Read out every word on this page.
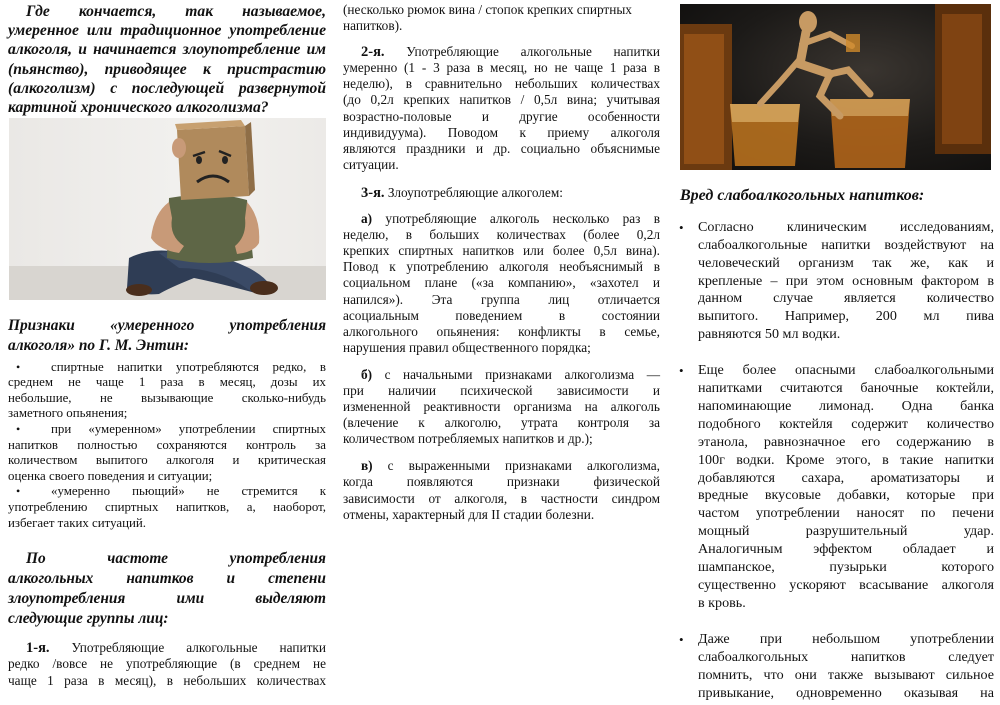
Где кончается, так называемое,
умеренное или традиционное употребление
алкоголя, и начинается злоупотребление им
(пьянство), приводящее к пристрастию
(алкоголизм) с последующей развернутой
картиной хронического алкоголизма?
Признаки «умеренного употребления
алкоголя» по Г. М. Энтин:
•	спиртные напитки употребляются редко, в
среднем не чаще 1 раза в месяц, дозы их
небольшие, не вызывающие сколько-нибудь
заметного опьянения;
•	при «умеренном» употреблении спиртных
напитков полностью сохраняются контроль за
количеством выпитого алкоголя и критическая
оценка своего поведения и ситуации;
•	«умеренно пьющий» не стремится к
употреблению спиртных напитков, а, наоборот,
избегает таких ситуаций.
По частоте употребления
алкогольных напитков и степени
злоупотребления ими выделяют
следующие группы лиц:
1-я. Употребляющие алкогольные напитки
редко /вовсе не употребляющие (в среднем не
чаще 1 раза в месяц), в небольших количествах
(несколько рюмок вина / стопок крепких спиртных
напитков).
2-я. Употребляющие алкогольные напитки
умеренно (1 - 3 раза в месяц, но не чаще 1 раза в
неделю), в сравнительно небольших количествах
(до 0,2л крепких напитков / 0,5л вина; учитывая
возрастно-половые и другие особенности
индивидуума). Поводом к приему алкоголя
являются праздники и др. социально объяснимые
ситуации.
3-я. Злоупотребляющие алкоголем:
а) употребляющие алкоголь несколько раз в
неделю, в больших количествах (более 0,2л
крепких спиртных напитков или более 0,5л вина).
Повод к употреблению алкоголя необъяснимый в
социальном плане («за компанию», «захотел и
напился»). Эта группа лиц отличается
асоциальным поведением в состоянии
алкогольного опьянения: конфликты в семье,
нарушения правил общественного порядка;
б) с начальными признаками алкоголизма —
при наличии психической зависимости и
измененной реактивности организма на алкоголь
(влечение к алкоголю, утрата контроля за
количеством потребляемых напитков и др.);
в) с выраженными признаками алкоголизма,
когда появляются признаки физической
зависимости от алкоголя, в частности синдром
отмены, характерный для II стадии болезни.
Вред слабоалкогольных напитков:
• Согласно клиническим исследованиям,
слабоалкогольные напитки воздействуют на
человеческий организм так же, как и
крепленые – при этом основным фактором в
данном случае является количество
выпитого. Например, 200 мл пива
равняются 50 мл водки.
• Еще более опасными слабоалкогольными
напитками считаются баночные коктейли,
напоминающие лимонад. Одна банка
подобного коктейля содержит количество
этанола, равнозначное его содержанию в
100г водки. Кроме этого, в такие напитки
добавляются сахара, ароматизаторы и
вредные вкусовые добавки, которые при
частом употреблении наносят по печени
мощный разрушительный удар.
Аналогичным эффектом обладает и
шампанское, пузырьки которого
существенно ускоряют всасывание алкоголя
в кровь.
• Даже при небольшом употреблении
слабоалкогольных напитков следует
помнить, что они также вызывают сильное
привыкание, одновременно оказывая на
